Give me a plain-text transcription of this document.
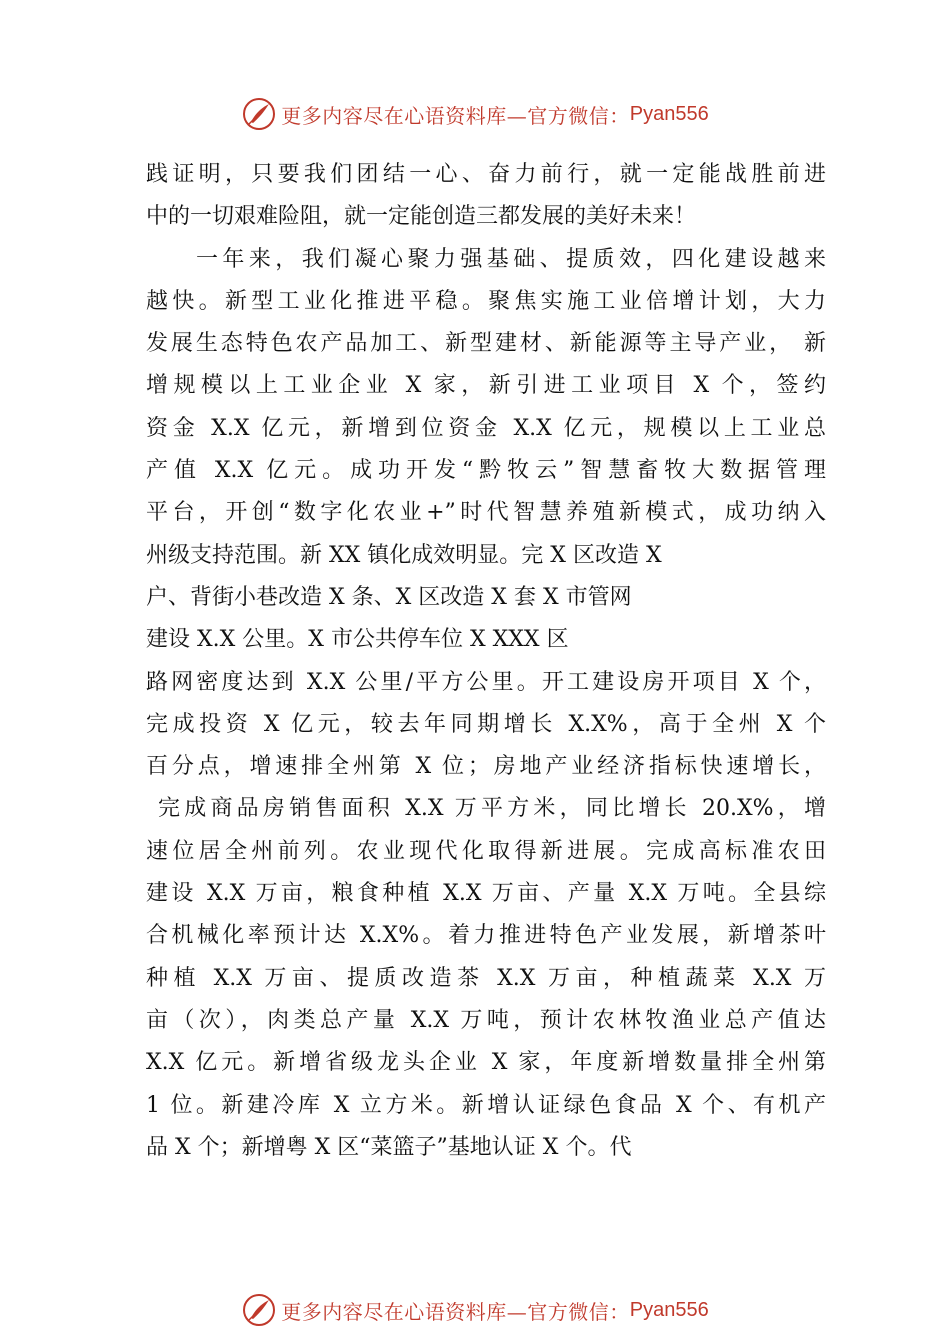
更多内容尽在心语资料库—官方微信： Pyan556
践证明，只要我们团结一心、奋力前行，就一定能战胜前进
中的一切艰难险阻，就一定能创造三都发展的美好未来！
一年来，我们凝心聚力强基础、提质效，四化建设越来
越快。新型工业化推进平稳。聚焦实施工业倍增计划，大力
发展生态特色农产品加工、新型建材、新能源等主导产业， 新
增规模以上工业企业 X 家，新引进工业项目 X 个，签约
资金 X.X 亿元，新增到位资金 X.X 亿元，规模以上工业总
产值 X.X 亿元。成功开发“黔牧云”智慧畜牧大数据管理
平台，开创“数字化农业+”时代智慧养殖新模式，成功纳入
州级支持范围。新 XX 镇化成效明显。完 X 区改造 X
户、背街小巷改造 X 条、X 区改造 X 套 X 市管网
建设 X.X 公里。X 市公共停车位 X XXX 区
路网密度达到 X.X 公里/平方公里。开工建设房开项目 X 个，
完成投资 X 亿元，较去年同期增长 X.X%，高于全州 X 个
百分点，增速排全州第 X 位；房地产业经济指标快速增长，
完成商品房销售面积 X.X 万平方米，同比增长 20.X%，增
速位居全州前列。农业现代化取得新进展。完成高标准农田
建设 X.X 万亩，粮食种植 X.X 万亩、产量 X.X 万吨。全县综
合机械化率预计达 X.X%。着力推进特色产业发展，新增茶叶
种植 X.X 万亩、提质改造茶 X.X 万亩，种植蔬菜 X.X 万
亩（次），肉类总产量 X.X 万吨，预计农林牧渔业总产值达
X.X 亿元。新增省级龙头企业 X 家，年度新增数量排全州第
1 位。新建冷库 X 立方米。新增认证绿色食品 X 个、有机产
品 X 个；新增粤 X 区“菜篮子”基地认证 X 个。代
更多内容尽在心语资料库—官方微信： Pyan556
